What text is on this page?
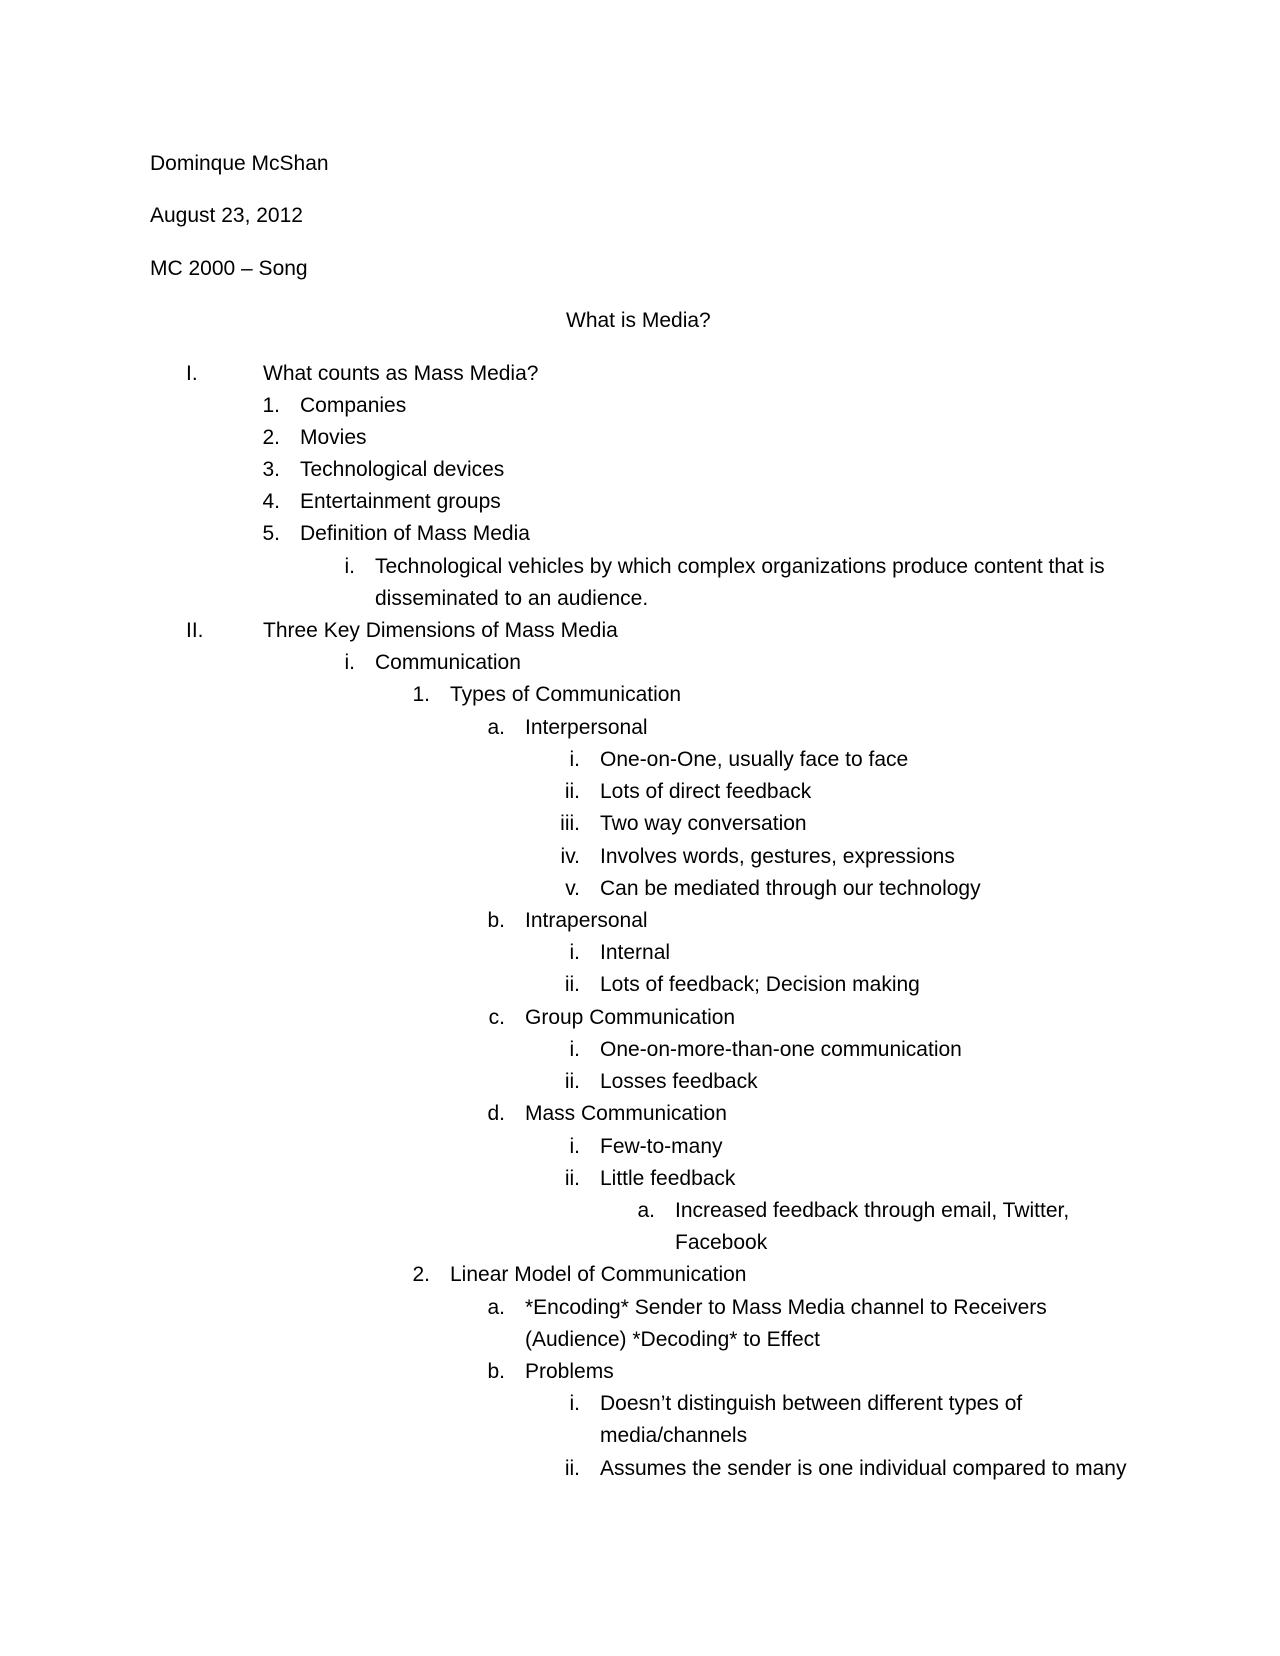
Dominque McShan
August 23, 2012
MC 2000 – Song
What is Media?
I.	What counts as Mass Media?
1. Companies
2. Movies
3. Technological devices
4. Entertainment groups
5. Definition of Mass Media
i. Technological vehicles by which complex organizations produce content that is
disseminated to an audience.
II.	Three Key Dimensions of Mass Media
i. Communication
1. Types of Communication
a. Interpersonal
i. One-on-One, usually face to face
ii. Lots of direct feedback
iii. Two way conversation
iv. Involves words, gestures, expressions
v. Can be mediated through our technology
b. Intrapersonal
i. Internal
ii. Lots of feedback; Decision making
c. Group Communication
i. One-on-more-than-one communication
ii. Losses feedback
d. Mass Communication
i. Few-to-many
ii. Little feedback
a. Increased feedback through email, Twitter,
Facebook
2. Linear Model of Communication
a. *Encoding* Sender to Mass Media channel to Receivers
(Audience) *Decoding* to Effect
b. Problems
i. Doesn’t distinguish between different types of
media/channels
ii. Assumes the sender is one individual compared to many
